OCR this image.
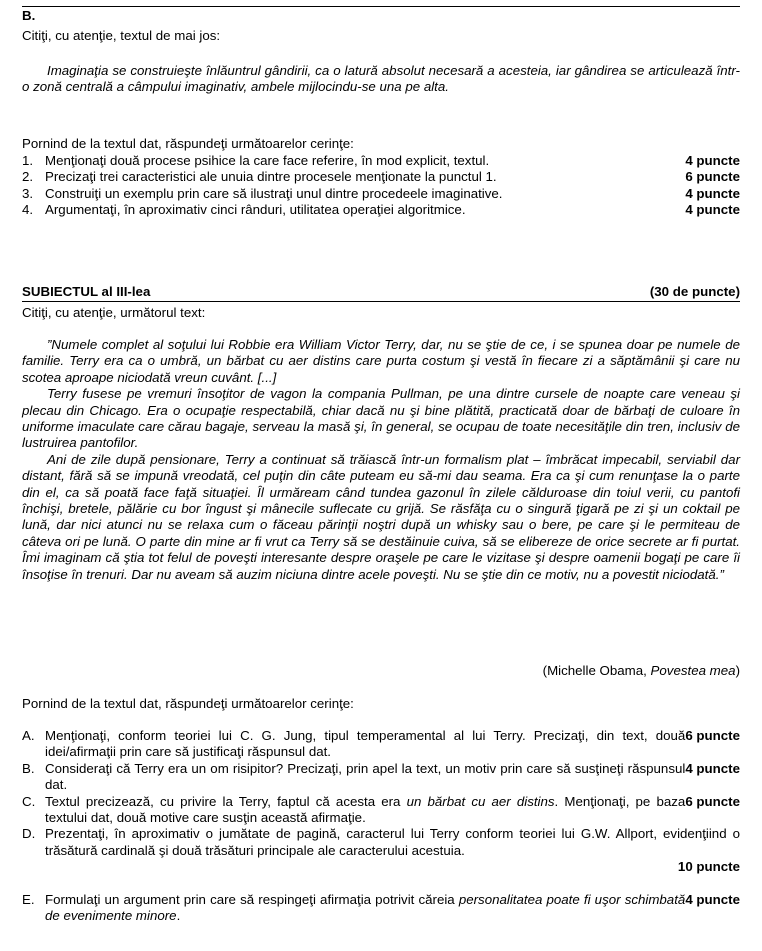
B.

Citiţi, cu atenţie, textul de mai jos:

Imaginaţia se construieşte înlăuntrul gândirii, ca o latură absolut necesară a acesteia, iar gândirea se articulează într-o zonă centrală a câmpului imaginativ, ambele mijlocindu-se una pe alta.

Pornind de la textul dat, răspundeţi următoarelor cerinţe:

1. Menţionaţi două procese psihice la care face referire, în mod explicit, textul.	4 puncte
2. Precizaţi trei caracteristici ale unuia dintre procesele menţionate la punctul 1.	6 puncte
3. Construiţi un exemplu prin care să ilustraţi unul dintre procedeele imaginative.	4 puncte
4. Argumentaţi, în aproximativ cinci rânduri, utilitatea operaţiei algoritmice.	4 puncte
SUBIECTUL al III-lea	(30 de puncte)

Citiţi, cu atenţie, următorul text:

”Numele complet al soţului lui Robbie era William Victor Terry, dar, nu se ştie de ce, i se spunea doar pe numele de familie. Terry era ca o umbră, un bărbat cu aer distins care purta costum şi vestă în fiecare zi a săptămânii şi care nu scotea aproape niciodată vreun cuvânt. [...]

Terry fusese pe vremuri însoţitor de vagon la compania Pullman, pe una dintre cursele de noapte care veneau şi plecau din Chicago. Era o ocupaţie respectabilă, chiar dacă nu şi bine plătită, practicată doar de bărbaţi de culoare în uniforme imaculate care cărau bagaje, serveau la masă şi, în general, se ocupau de toate necesităţile din tren, inclusiv de lustruirea pantofilor.

Ani de zile după pensionare, Terry a continuat să trăiască într-un formalism plat – îmbrăcat impecabil, serviabil dar distant, fără să se impună vreodată, cel puţin din câte puteam eu să-mi dau seama. Era ca şi cum renunţase la o parte din el, ca să poată face faţă situaţiei. Îl urmăream când tundea gazonul în zilele călduroase din toiul verii, cu pantofi închişi, bretele, pălărie cu bor îngust şi mânecile suflecate cu grijă. Se răsfăţa cu o singură ţigară pe zi şi un coktail pe lună, dar nici atunci nu se relaxa cum o făceau părinţii noştri după un whisky sau o bere, pe care şi le permiteau de câteva ori pe lună. O parte din mine ar fi vrut ca Terry să se destăinuie cuiva, să se elibereze de orice secrete ar fi purtat. Îmi imaginam că ştia tot felul de poveşti interesante despre oraşele pe care le vizitase şi despre oamenii bogaţi pe care îi însoţise în trenuri. Dar nu aveam să auzim niciuna dintre acele poveşti. Nu se ştie din ce motiv, nu a povestit niciodată.”

(Michelle Obama, Povestea mea)

Pornind de la textul dat, răspundeţi următoarelor cerinţe:

A.	6 puncte
Menţionaţi, conform teoriei lui C. G. Jung, tipul temperamental al lui Terry. Precizaţi, din text, două idei/afirmaţii prin care să justificaţi răspunsul dat.
B.	4 puncte
Consideraţi că Terry era un om risipitor? Precizaţi, prin apel la text, un motiv prin care să susţineţi răspunsul dat.
C.	6 puncte
Textul precizează, cu privire la Terry, faptul că acesta era un bărbat cu aer distins. Menţionaţi, pe baza textului dat, două motive care susţin această afirmaţie.
D. Prezentaţi, în aproximativ o jumătate de pagină, caracterul lui Terry conform teoriei lui G.W. Allport, evidenţiind o trăsătură cardinală şi două trăsături principale ale caracterului acestuia.
10 puncte
E.	4 puncte
Formulaţi un argument prin care să respingeţi afirmaţia potrivit căreia personalitatea poate fi uşor schimbată de evenimente minore.
